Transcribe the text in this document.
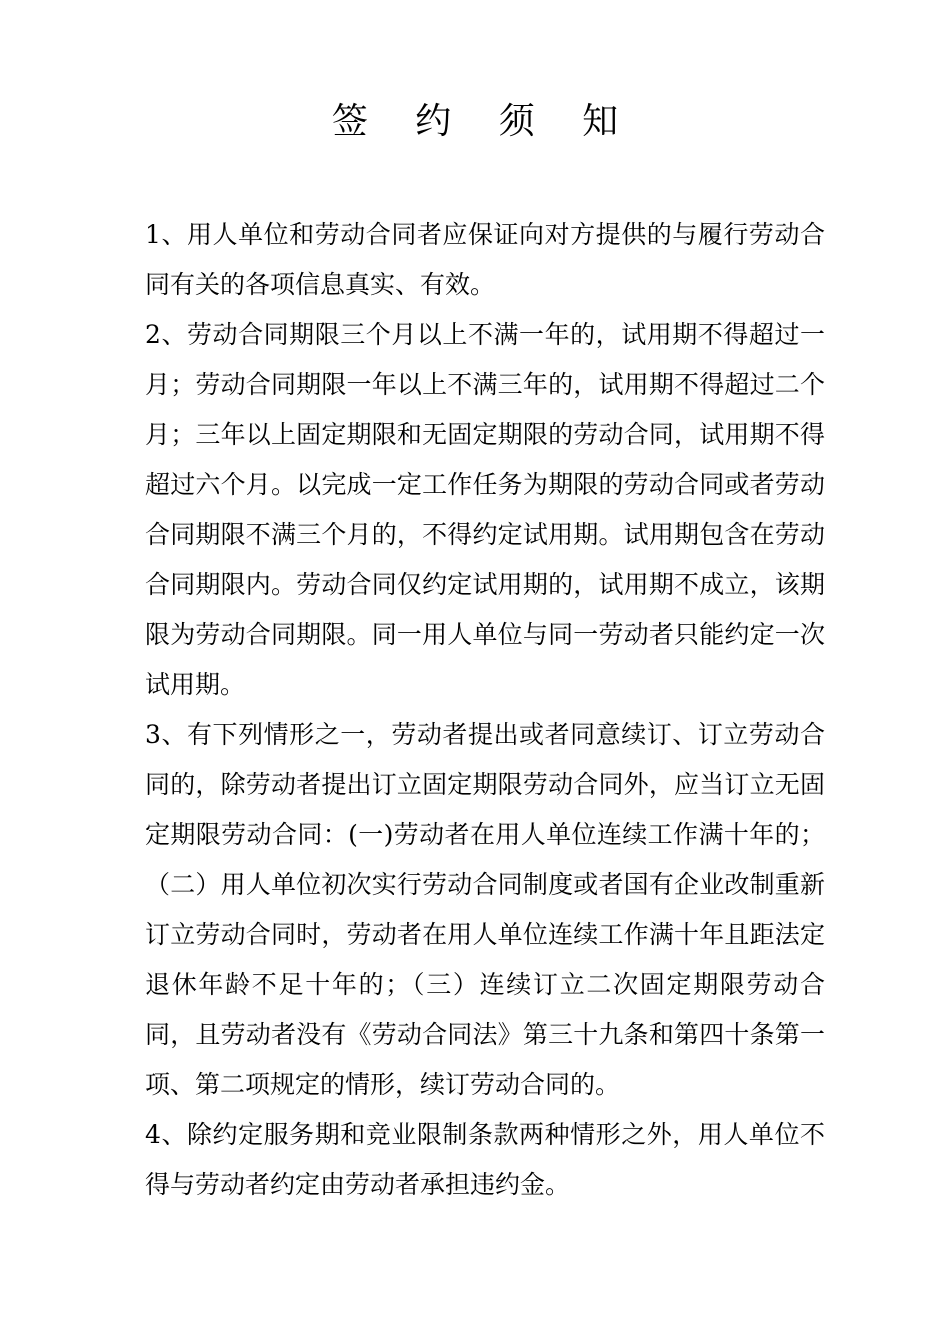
签 约 须 知

1、用人单位和劳动合同者应保证向对方提供的与履行劳动合同有关的各项信息真实、有效。

2、劳动合同期限三个月以上不满一年的，试用期不得超过一月；劳动合同期限一年以上不满三年的，试用期不得超过二个月；三年以上固定期限和无固定期限的劳动合同，试用期不得超过六个月。以完成一定工作任务为期限的劳动合同或者劳动合同期限不满三个月的，不得约定试用期。试用期包含在劳动合同期限内。劳动合同仅约定试用期的，试用期不成立，该期限为劳动合同期限。同一用人单位与同一劳动者只能约定一次试用期。

3、有下列情形之一，劳动者提出或者同意续订、订立劳动合同的，除劳动者提出订立固定期限劳动合同外，应当订立无固定期限劳动合同：(一)劳动者在用人单位连续工作满十年的；（二）用人单位初次实行劳动合同制度或者国有企业改制重新订立劳动合同时，劳动者在用人单位连续工作满十年且距法定退休年龄不足十年的；（三）连续订立二次固定期限劳动合同，且劳动者没有《劳动合同法》第三十九条和第四十条第一项、第二项规定的情形，续订劳动合同的。

4、除约定服务期和竞业限制条款两种情形之外，用人单位不得与劳动者约定由劳动者承担违约金。
